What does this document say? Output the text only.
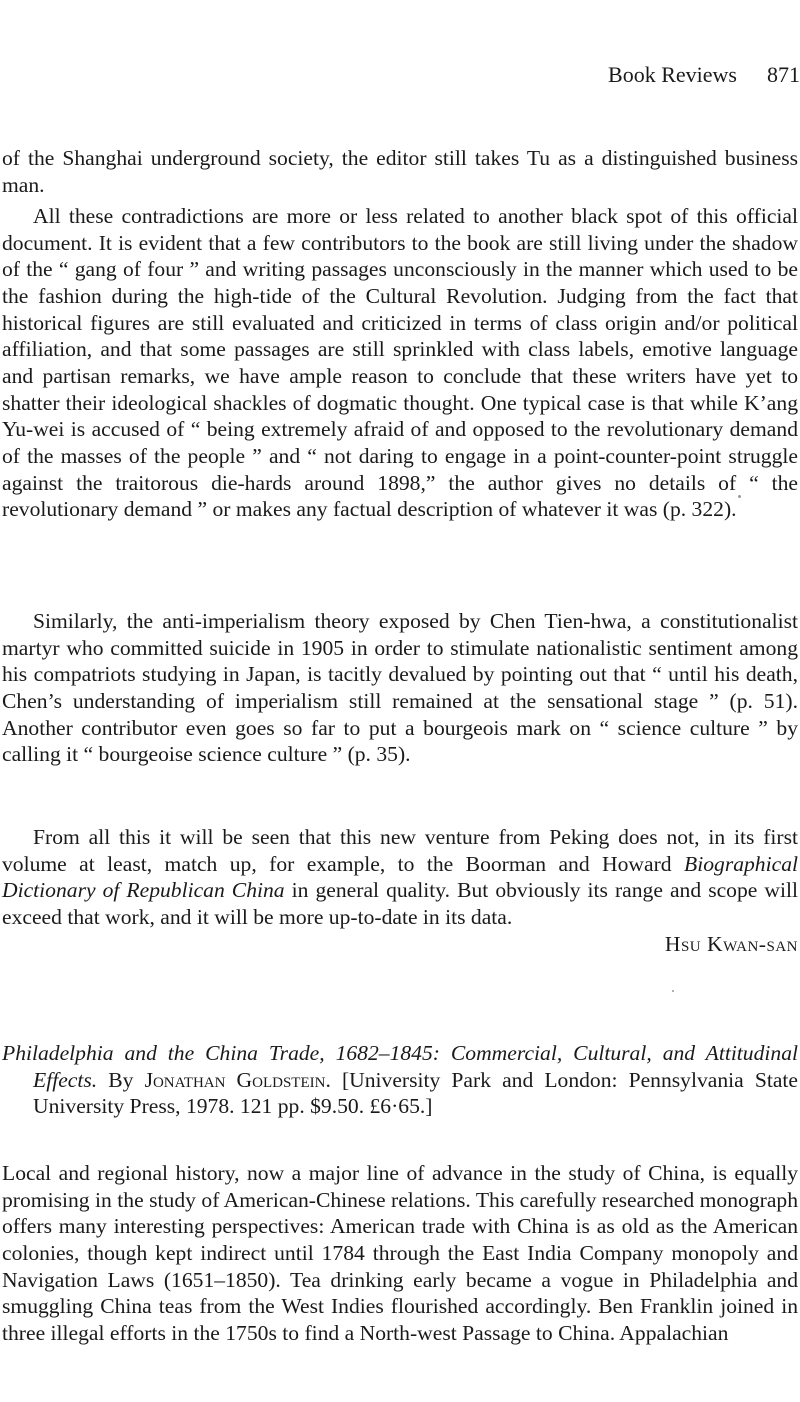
Book Reviews 871

of the Shanghai underground society, the editor still takes Tu as a distinguished business man.

All these contradictions are more or less related to another black spot of this official document. It is evident that a few contributors to the book are still living under the shadow of the “ gang of four ” and writing passages unconsciously in the manner which used to be the fashion during the high-tide of the Cultural Revolution. Judging from the fact that historical figures are still evaluated and criticized in terms of class origin and/or political affiliation, and that some passages are still sprinkled with class labels, emotive language and partisan remarks, we have ample reason to conclude that these writers have yet to shatter their ideological shackles of dogmatic thought. One typical case is that while K’ang Yu-wei is accused of “ being extremely afraid of and opposed to the revolutionary demand of the masses of the people ” and “ not daring to engage in a point-counter-point struggle against the traitorous die-hards around 1898,” the author gives no details of “ the revolutionary demand ” or makes any factual description of whatever it was (p. 322).

Similarly, the anti-imperialism theory exposed by Chen Tien-hwa, a constitutionalist martyr who committed suicide in 1905 in order to stimulate nationalistic sentiment among his compatriots studying in Japan, is tacitly devalued by pointing out that “ until his death, Chen’s understanding of imperialism still remained at the sensational stage ” (p. 51). Another contributor even goes so far to put a bourgeois mark on “ science culture ” by calling it “ bourgeoise science culture ” (p. 35).

From all this it will be seen that this new venture from Peking does not, in its first volume at least, match up, for example, to the Boorman and Howard Biographical Dictionary of Republican China in general quality. But obviously its range and scope will exceed that work, and it will be more up-to-date in its data.

Hsu Kwan-san

Philadelphia and the China Trade, 1682–1845: Commercial, Cultural, and Attitudinal Effects. By Jonathan Goldstein. [University Park and London: Pennsylvania State University Press, 1978. 121 pp. $9.50. £6·65.]

Local and regional history, now a major line of advance in the study of China, is equally promising in the study of American-Chinese relations. This carefully researched monograph offers many interesting perspectives: American trade with China is as old as the American colonies, though kept indirect until 1784 through the East India Company monopoly and Navigation Laws (1651–1850). Tea drinking early became a vogue in Philadelphia and smuggling China teas from the West Indies flourished accordingly. Ben Franklin joined in three illegal efforts in the 1750s to find a North-west Passage to China. Appalachian
